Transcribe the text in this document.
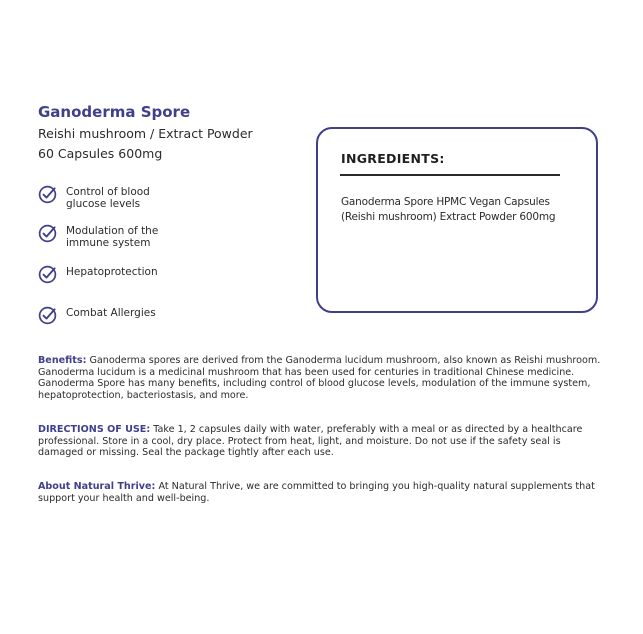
Ganoderma Spore

Reishi mushroom / Extract Powder

60 Capsules 600mg

Control of blood glucose levels
Modulation of the immune system
Hepatoprotection
Combat Allergies
INGREDIENTS:

Ganoderma Spore HPMC Vegan Capsules (Reishi mushroom) Extract Powder 600mg

Benefits: Ganoderma spores are derived from the Ganoderma lucidum mushroom, also known as Reishi mushroom. Ganoderma lucidum is a medicinal mushroom that has been used for centuries in traditional Chinese medicine. Ganoderma Spore has many benefits, including control of blood glucose levels, modulation of the immune system, hepatoprotection, bacteriostasis, and more.

DIRECTIONS OF USE: Take 1, 2 capsules daily with water, preferably with a meal or as directed by a healthcare professional. Store in a cool, dry place. Protect from heat, light, and moisture. Do not use if the safety seal is damaged or missing. Seal the package tightly after each use.

About Natural Thrive: At Natural Thrive, we are committed to bringing you high-quality natural supplements that support your health and well-being.
